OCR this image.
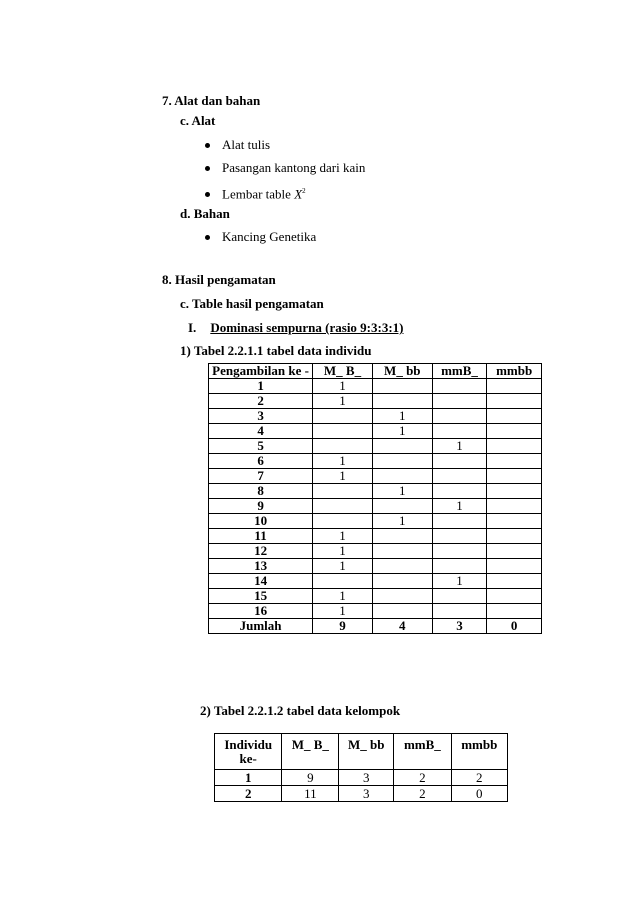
7. Alat dan bahan
c. Alat
Alat tulis
Pasangan kantong dari kain
Lembar table $X^2$
d. Bahan
Kancing Genetika
8. Hasil pengamatan
c. Table hasil pengamatan
I. Dominasi sempurna (rasio 9:3:3:1)
1) Tabel 2.2.1.1 tabel data individu
Pengambilan ke -	M_ B_	M_ bb	mmB_	mmbb
1	1			
2	1			
3		1		
4		1		
5			1	
6	1			
7	1			
8		1		
9			1	
10		1		
11	1			
12	1			
13	1			
14			1	
15	1			
16	1			
Jumlah	9	4	3	0
2) Tabel 2.2.1.2 tabel data kelompok
Individu ke-	M_ B_	M_ bb	mmB_	mmbb
1	9	3	2	2
2	11	3	2	0
